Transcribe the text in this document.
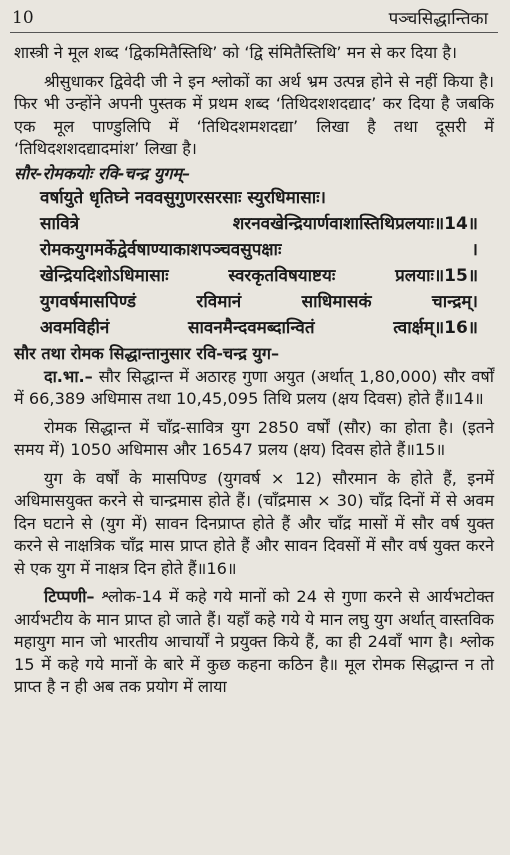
10	पञ्चसिद्धान्तिका

शास्त्री ने मूल शब्द ‘द्विकमितैस्तिथि’ को ‘द्वि संमितैस्तिथि’ मन से कर दिया है।

श्रीसुधाकर द्विवेदी जी ने इन श्लोकों का अर्थ भ्रम उत्पन्न होने से नहीं किया है। फिर भी उन्होंने अपनी पुस्तक में प्रथम शब्द ‘तिथिदशशदद्याद’ कर दिया है जबकि एक मूल पाण्डुलिपि में ‘तिथिदशमशदद्या’ लिखा है तथा दूसरी में ‘तिथिदशशदद्यादमांश’ लिखा है।

सौर-रोमकयोः रवि-चन्द्र युगम्–

वर्षायुते धृतिघ्ने नववसुगुणरसरसाः स्युरधिमासाः।
सावित्रे	शरनवखेन्द्रियार्णवाशास्तिथिप्रलयाः॥14॥
रोमकयुगमर्केद्वेर्वषाण्याकाशपञ्चवसुपक्षाः	।
खेन्द्रियदिशोऽधिमासाः	स्वरकृतविषयाष्टयः	प्रलयाः॥15॥
युगवर्षमासपिण्डं	रविमानं	साधिमासकं	चान्द्रम्।
अवमविहीनं	सावनमैन्दवमब्दान्वितं	त्वार्क्षम्॥16॥

सौर तथा रोमक सिद्धान्तानुसार रवि-चन्द्र युग–

दा.भा.– सौर सिद्धान्त में अठारह गुणा अयुत (अर्थात् 1,80,000) सौर वर्षों में 66,389 अधिमास तथा 10,45,095 तिथि प्रलय (क्षय दिवस) होते हैं॥14॥

रोमक सिद्धान्त में चाँद्र-सावित्र युग 2850 वर्षों (सौर) का होता है। (इतने समय में) 1050 अधिमास और 16547 प्रलय (क्षय) दिवस होते हैं॥15॥

युग के वर्षों के मासपिण्ड (युगवर्ष × 12) सौरमान के होते हैं, इनमें अधिमासयुक्त करने से चान्द्रमास होते हैं। (चाँद्रमास × 30) चाँद्र दिनों में से अवम दिन घटाने से (युग में) सावन दिनप्राप्त होते हैं और चाँद्र मासों में सौर वर्ष युक्त करने से नाक्षत्रिक चाँद्र मास प्राप्त होते हैं और सावन दिवसों में सौर वर्ष युक्त करने से एक युग में नाक्षत्र दिन होते हैं॥16॥

टिप्पणी– श्लोक-14 में कहे गये मानों को 24 से गुणा करने से आर्यभटोक्त आर्यभटीय के मान प्राप्त हो जाते हैं। यहाँ कहे गये ये मान लघु युग अर्थात् वास्तविक महायुग मान जो भारतीय आचार्यों ने प्रयुक्त किये हैं, का ही 24वाँ भाग है। श्लोक 15 में कहे गये मानों के बारे में कुछ कहना कठिन है॥ मूल रोमक सिद्धान्त न तो प्राप्त है न ही अब तक प्रयोग में लाया
